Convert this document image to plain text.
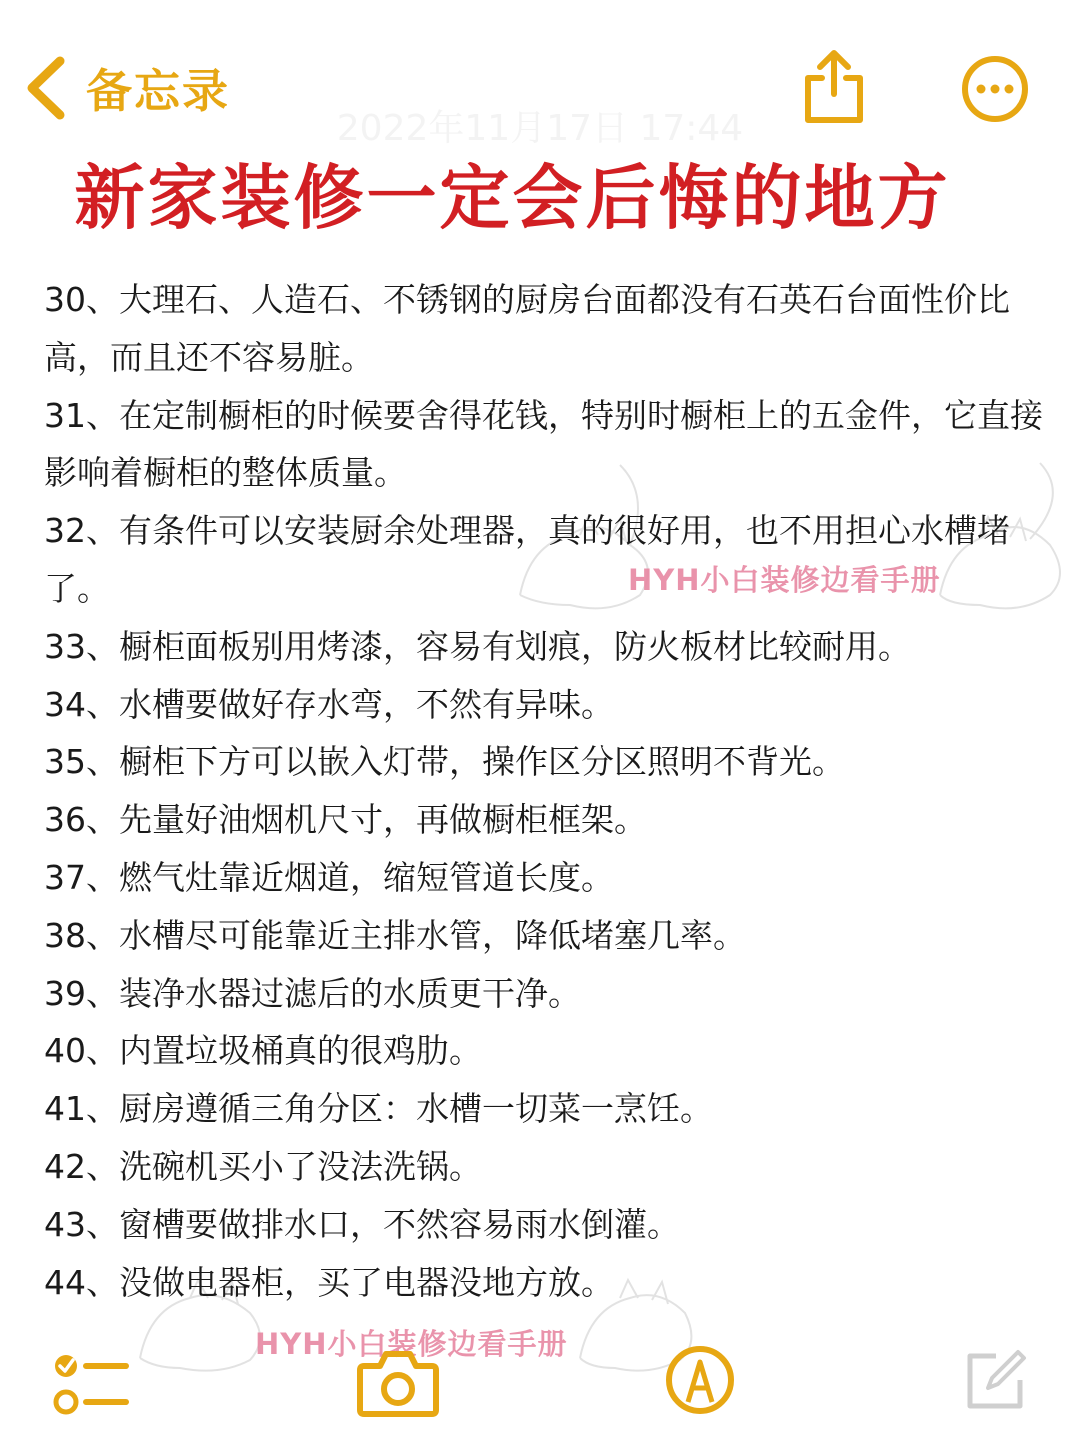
备忘录
2022年11月17日 17:44
新家装修一定会后悔的地方

30、大理石、人造石、不锈钢的厨房台面都没有石英石台面性价比高，而且还不容易脏。

31、在定制橱柜的时候要舍得花钱，特别时橱柜上的五金件，它直接影响着橱柜的整体质量。

32、有条件可以安装厨余处理器，真的很好用，也不用担心水槽堵了。

33、橱柜面板别用烤漆，容易有划痕，防火板材比较耐用。

34、水槽要做好存水弯，不然有异味。

35、橱柜下方可以嵌入灯带，操作区分区照明不背光。

36、先量好油烟机尺寸，再做橱柜框架。

37、燃气灶靠近烟道，缩短管道长度。

38、水槽尽可能靠近主排水管，降低堵塞几率。

39、装净水器过滤后的水质更干净。

40、内置垃圾桶真的很鸡肋。

41、厨房遵循三角分区：水槽一切菜一烹饪。

42、洗碗机买小了没法洗锅。

43、窗槽要做排水口，不然容易雨水倒灌。

44、没做电器柜，买了电器没地方放。

HYH小白装修边看手册
HYH小白装修边看手册
